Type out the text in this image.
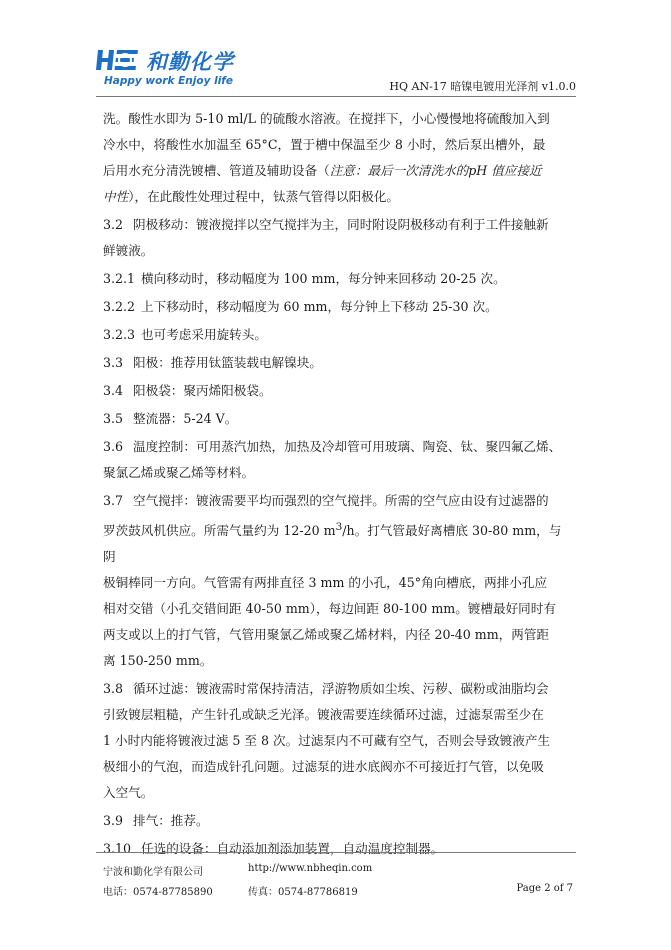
和勤化学
Happy work Enjoy life	HQ AN-17 暗镍电镀用光泽剂 v1.0.0

洗。酸性水即为 5-10 ml/L 的硫酸水溶液。在搅拌下，小心慢慢地将硫酸加入到

冷水中，将酸性水加温至 65°C，置于槽中保温至少 8 小时，然后泵出槽外，最

后用水充分清洗镀槽、管道及辅助设备（注意：最后一次清洗水的pH 值应接近

中性），在此酸性处理过程中，钛蒸气管得以阳极化。

3.2 阴极移动：镀液搅拌以空气搅拌为主，同时附设阴极移动有利于工件接触新

鲜镀液。

3.2.1 横向移动时，移动幅度为 100 mm，每分钟来回移动 20-25 次。

3.2.2 上下移动时，移动幅度为 60 mm，每分钟上下移动 25-30 次。

3.2.3 也可考虑采用旋转头。

3.3 阳极：推荐用钛篮装载电解镍块。

3.4 阳极袋：聚丙烯阳极袋。

3.5 整流器：5-24 V。

3.6 温度控制：可用蒸汽加热，加热及冷却管可用玻璃、陶瓷、钛、聚四氟乙烯、

聚氯乙烯或聚乙烯等材料。

3.7 空气搅拌：镀液需要平均而强烈的空气搅拌。所需的空气应由设有过滤器的

罗茨鼓风机供应。所需气量约为 12-20 $m^3/h$。打气管最好离槽底 30-80 mm，与阴

极铜棒同一方向。气管需有两排直径 3 mm 的小孔，45°角向槽底，两排小孔应

相对交错（小孔交错间距 40-50 mm），每边间距 80-100 mm。镀槽最好同时有

两支或以上的打气管，气管用聚氯乙烯或聚乙烯材料，内径 20-40 mm，两管距

离 150-250 mm。

3.8 循环过滤：镀液需时常保持清洁，浮游物质如尘埃、污秽、碳粉或油脂均会

引致镀层粗糙，产生针孔或缺乏光泽。镀液需要连续循环过滤，过滤泵需至少在

1 小时内能将镀液过滤 5 至 8 次。过滤泵内不可藏有空气，否则会导致镀液产生

极细小的气泡，而造成针孔问题。过滤泵的进水底阀亦不可接近打气管，以免吸

入空气。

3.9 排气：推荐。

3.10 任选的设备：自动添加剂添加装置，自动温度控制器。

宁波和勤化学有限公司	http://www.nbheqin.com
电话：0574-87785890	传真：0574-87786819	Page 2 of 7
